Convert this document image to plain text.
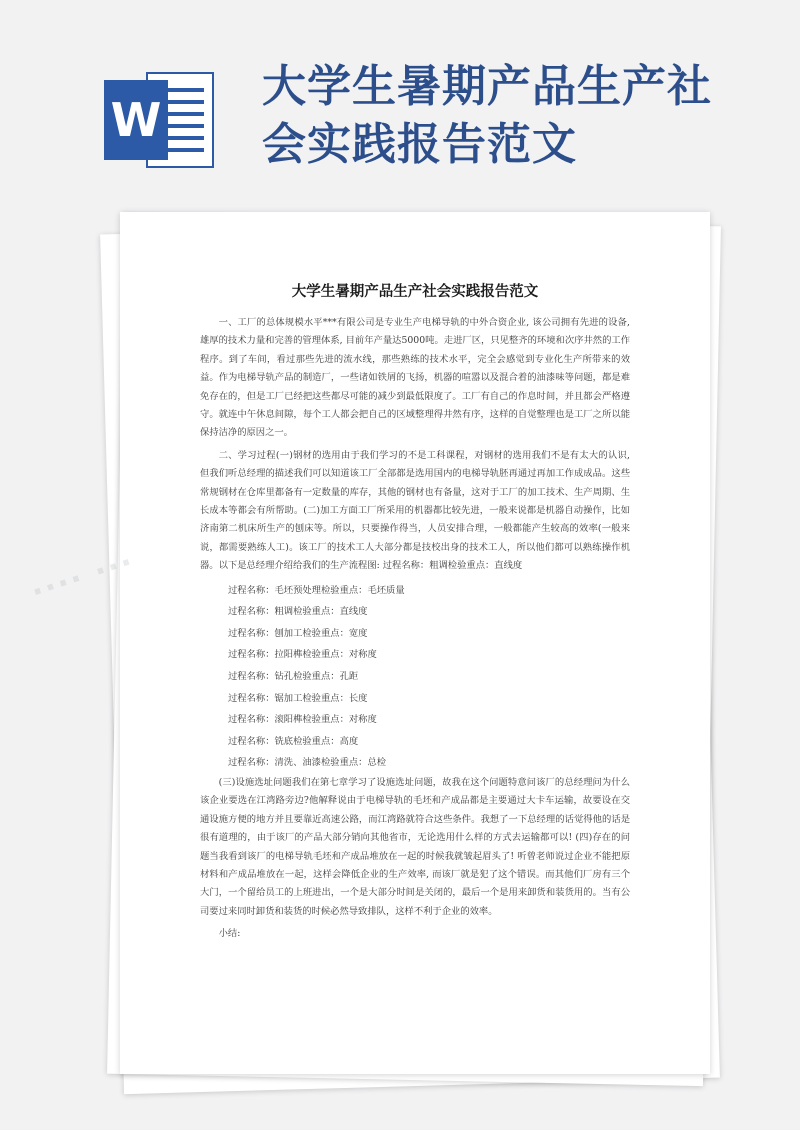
W
大学生暑期产品生产社会实践报告范文
大学生暑期产品生产社会实践报告范文

一、工厂的总体规模水平***有限公司是专业生产电梯导轨的中外合资企业, 该公司拥有先进的设备, 雄厚的技术力量和完善的管理体系, 目前年产量达5000吨。走进厂区，只见整齐的环境和次序井然的工作程序。到了车间，看过那些先进的流水线，那些熟练的技术水平，完全会感觉到专业化生产所带来的效益。作为电梯导轨产品的制造厂，一些诸如铁屑的飞扬，机器的喧嚣以及混合着的油漆味等问题，都是难免存在的，但是工厂已经把这些都尽可能的减少到最低限度了。工厂有自己的作息时间，并且都会严格遵守。就连中午休息间隙，每个工人都会把自己的区域整理得井然有序，这样的自觉整理也是工厂之所以能保持洁净的原因之一。

二、学习过程(一)钢材的选用由于我们学习的不是工科课程，对钢材的选用我们不是有太大的认识, 但我们听总经理的描述我们可以知道该工厂全部都是选用国内的电梯导轨胚再通过再加工作成成品。这些常规钢材在仓库里都备有一定数量的库存，其他的钢材也有备量，这对于工厂的加工技术、生产周期、生长成本等都会有所帮助。(二)加工方面工厂所采用的机器都比较先进，一般来说都是机器自动操作，比如济南第二机床所生产的刨床等。所以，只要操作得当，人员安排合理，一般都能产生较高的效率(一般来说，都需要熟练人工)。该工厂的技术工人大部分都是技校出身的技术工人，所以他们都可以熟练操作机器。以下是总经理介绍给我们的生产流程图: 过程名称：粗调检验重点：直线度

过程名称：毛坯预处理检验重点：毛坯质量

过程名称：粗调检验重点：直线度

过程名称：刨加工检验重点：宽度

过程名称：拉阳榫检验重点：对称度

过程名称：钻孔检验重点：孔距

过程名称：锯加工检验重点：长度

过程名称：滚阳榫检验重点：对称度

过程名称：铣底检验重点：高度

过程名称：清洗、油漆检验重点：总检

(三)设施选址问题我们在第七章学习了设施选址问题，故我在这个问题特意问该厂的总经理问为什么该企业要选在江湾路旁边?他解释说由于电梯导轨的毛坯和产成品都是主要通过大卡车运输，故要设在交通设施方便的地方并且要靠近高速公路，而江湾路就符合这些条件。我想了一下总经理的话觉得他的话是很有道理的，由于该厂的产品大部分销向其他省市，无论选用什么样的方式去运输都可以! (四)存在的问题当我看到该厂的电梯导轨毛坯和产成品堆放在一起的时候我就皱起眉头了! 听曾老师说过企业不能把原材料和产成品堆放在一起，这样会降低企业的生产效率, 而该厂就是犯了这个错误。而其他们厂房有三个大门，一个留给员工的上班进出，一个是大部分时间是关闭的，最后一个是用来卸货和装货用的。当有公司要过来同时卸货和装货的时候必然导致排队，这样不利于企业的效率。

小结:

···· ···
